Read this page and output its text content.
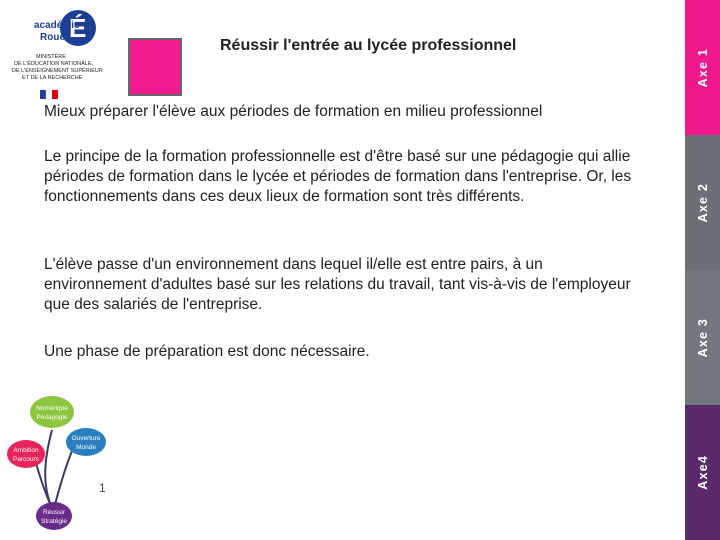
É
académie
Rouen
MINISTÈRE
DE L'ÉDUCATION NATIONALE,
DE L'ENSEIGNEMENT SUPÉRIEUR
ET DE LA RECHERCHE
Réussir l'entrée au lycée professionnel
Mieux préparer l'élève aux périodes de formation en milieu professionnel

Le principe de la formation professionnelle est d'être basé sur une pédagogie qui allie périodes de formation dans le lycée et périodes de formation dans l'entreprise. Or, les fonctionnements dans ces deux lieux de formation sont très différents.

L'élève passe d'un environnement dans lequel il/elle est entre pairs, à un environnement d'adultes basé sur les relations du travail, tant vis-à-vis de l'employeur que des salariés de l'entreprise.

Une phase de préparation est donc nécessaire.

Axe 1
Axe 2
Axe 3
Axe4
Numérique
Pédagogie
Ouverture
Monde
Ambition
Parcours
Réussir
Stratégie
1
